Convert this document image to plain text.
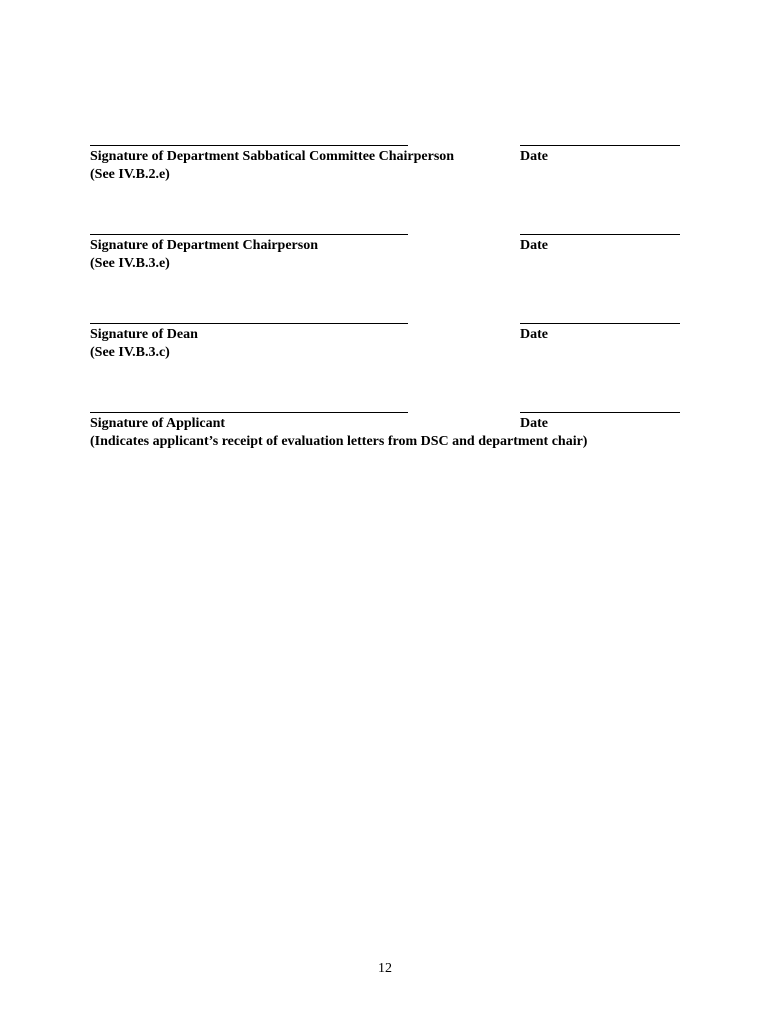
Signature of Department Sabbatical Committee Chairperson	Date
(See IV.B.2.e)
Signature of Department Chairperson	Date
(See IV.B.3.e)
Signature of Dean	Date
(See IV.B.3.c)
Signature of Applicant	Date
(Indicates applicant’s receipt of evaluation letters from DSC and department chair)
12
